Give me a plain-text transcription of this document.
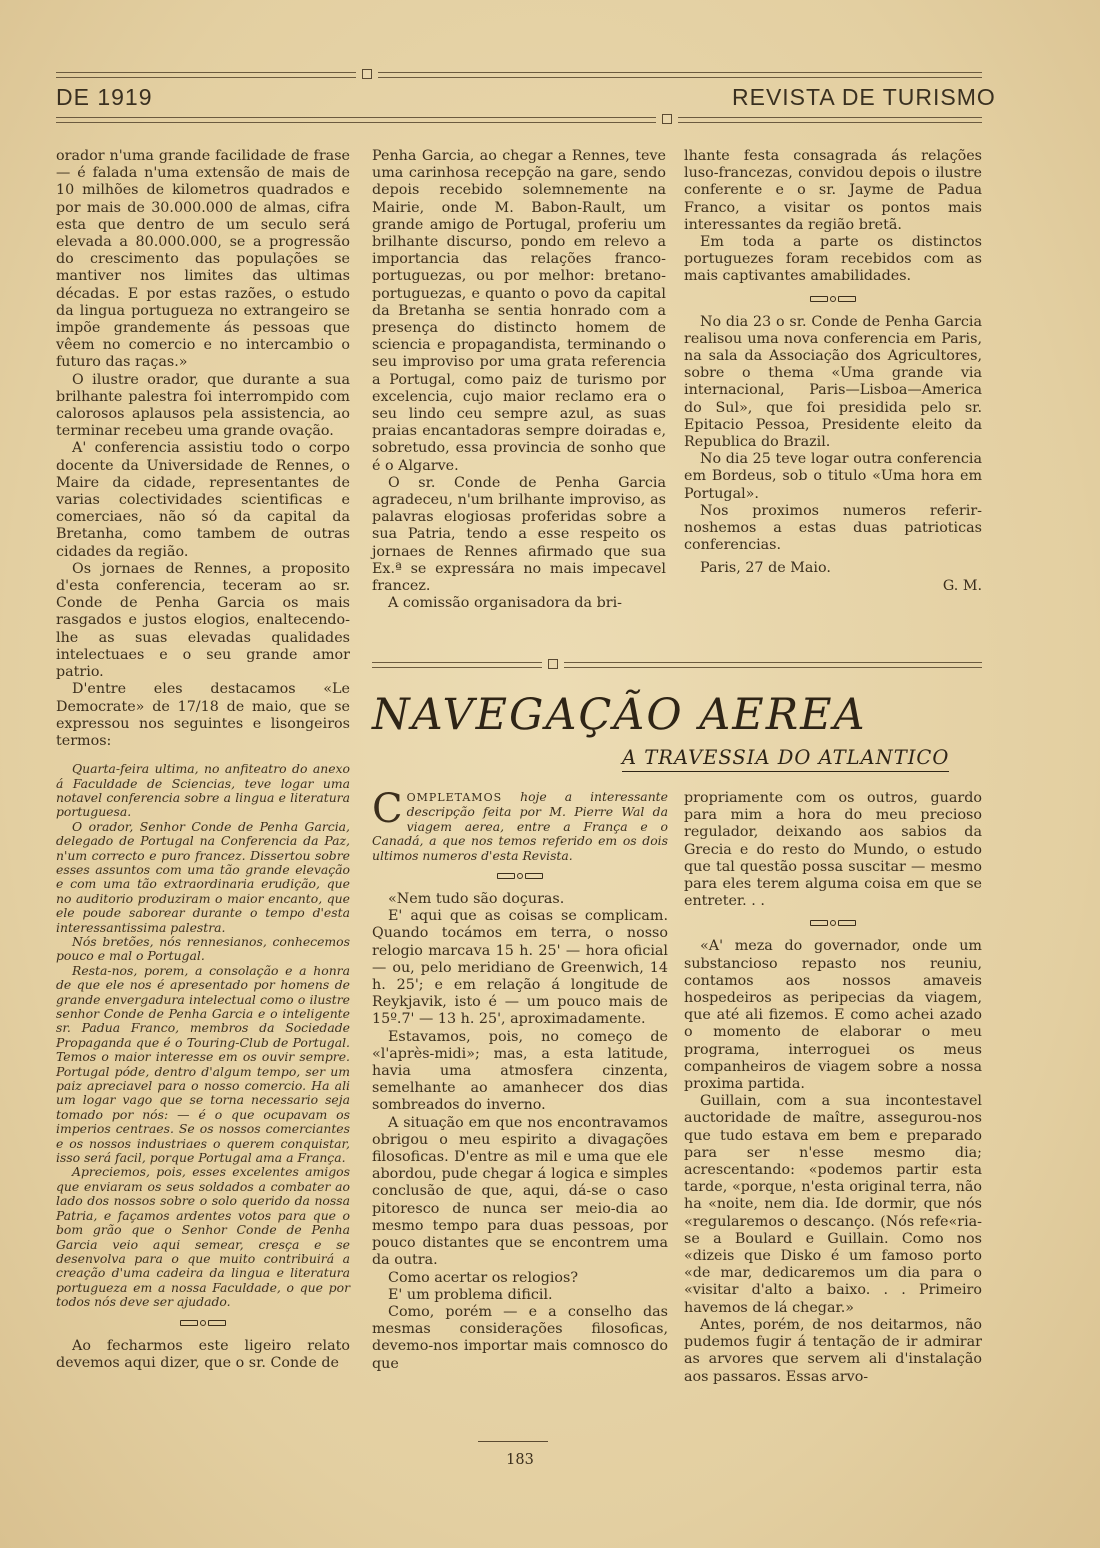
DE 1919	REVISTA DE TURISMO

orador n'uma grande facilidade de frase — é falada n'uma extensão de mais de 10 milhões de kilometros quadrados e por mais de 30.000.000 de almas, cifra esta que dentro de um seculo será elevada a 80.000.000, se a progressão do crescimento das populações se mantiver nos limites das ultimas décadas. E por estas razões, o estudo da lingua portugueza no extrangeiro se impõe grandemente ás pessoas que vêem no comercio e no intercambio o futuro das raças.»

O ilustre orador, que durante a sua brilhante palestra foi interrompido com calorosos aplausos pela assistencia, ao terminar recebeu uma grande ovação.

A' conferencia assistiu todo o corpo docente da Universidade de Rennes, o Maire da cidade, representantes de varias colectividades scientificas e comerciaes, não só da capital da Bretanha, como tambem de outras cidades da região.

Os jornaes de Rennes, a proposito d'esta conferencia, teceram ao sr. Conde de Penha Garcia os mais rasgados e justos elogios, enaltecendo-lhe as suas elevadas qualidades intelectuaes e o seu grande amor patrio.

D'entre eles destacamos «Le Democrate» de 17/18 de maio, que se expressou nos seguintes e lisongeiros termos:

Quarta-feira ultima, no anfiteatro do anexo á Faculdade de Sciencias, teve logar uma notavel conferencia sobre a lingua e literatura portuguesa.

O orador, Senhor Conde de Penha Garcia, delegado de Portugal na Conferencia da Paz, n'um correcto e puro francez. Dissertou sobre esses assuntos com uma tão grande elevação e com uma tão extraordinaria erudição, que no auditorio produziram o maior encanto, que ele poude saborear durante o tempo d'esta interessantissima palestra.

Nós bretões, nós rennesianos, conhecemos pouco e mal o Portugal.

Resta-nos, porem, a consolação e a honra de que ele nos é apresentado por homens de grande envergadura intelectual como o ilustre senhor Conde de Penha Garcia e o inteligente sr. Padua Franco, membros da Sociedade Propaganda que é o Touring-Club de Portugal. Temos o maior interesse em os ouvir sempre. Portugal póde, dentro d'algum tempo, ser um paiz apreciavel para o nosso comercio. Ha ali um logar vago que se torna necessario seja tomado por nós: — é o que ocupavam os imperios centraes. Se os nossos comerciantes e os nossos industriaes o querem conquistar, isso será facil, porque Portugal ama a França.

Apreciemos, pois, esses excelentes amigos que enviaram os seus soldados a combater ao lado dos nossos sobre o solo querido da nossa Patria, e façamos ardentes votos para que o bom grão que o Senhor Conde de Penha Garcia veio aqui semear, cresça e se desenvolva para o que muito contribuirá a creação d'uma cadeira da lingua e literatura portugueza em a nossa Faculdade, o que por todos nós deve ser ajudado.

Ao fecharmos este ligeiro relato devemos aqui dizer, que o sr. Conde de

Penha Garcia, ao chegar a Rennes, teve uma carinhosa recepção na gare, sendo depois recebido solemnemente na Mairie, onde M. Babon-Rault, um grande amigo de Portugal, proferiu um brilhante discurso, pondo em relevo a importancia das relações franco-portuguezas, ou por melhor: bretano-portuguezas, e quanto o povo da capital da Bretanha se sentia honrado com a presença do distincto homem de sciencia e propagandista, terminando o seu improviso por uma grata referencia a Portugal, como paiz de turismo por excelencia, cujo maior reclamo era o seu lindo ceu sempre azul, as suas praias encantadoras sempre doiradas e, sobretudo, essa provincia de sonho que é o Algarve.

O sr. Conde de Penha Garcia agradeceu, n'um brilhante improviso, as palavras elogiosas proferidas sobre a sua Patria, tendo a esse respeito os jornaes de Rennes afirmado que sua Ex.ª se expressára no mais impecavel francez.

A comissão organisadora da bri-

lhante festa consagrada ás relações luso-francezas, convidou depois o ilustre conferente e o sr. Jayme de Padua Franco, a visitar os pontos mais interessantes da região bretã.

Em toda a parte os distinctos portuguezes foram recebidos com as mais captivantes amabilidades.

No dia 23 o sr. Conde de Penha Garcia realisou uma nova conferencia em Paris, na sala da Associação dos Agricultores, sobre o thema «Uma grande via internacional, Paris—Lisboa—America do Sul», que foi presidida pelo sr. Epitacio Pessoa, Presidente eleito da Republica do Brazil.

No dia 25 teve logar outra conferencia em Bordeus, sob o titulo «Uma hora em Portugal».

Nos proximos numeros referir-noshemos a estas duas patrioticas conferencias.

Paris, 27 de Maio.

G. M.

NAVEGAÇÃO AEREA
A TRAVESSIA DO ATLANTICO

COMPLETAMOS hoje a interessante descripção feita por M. Pierre Wal da viagem aerea, entre a França e o Canadá, a que nos temos referido em os dois ultimos numeros d'esta Revista.

«Nem tudo são doçuras.

E' aqui que as coisas se complicam. Quando tocámos em terra, o nosso relogio marcava 15 h. 25' — hora oficial — ou, pelo meridiano de Greenwich, 14 h. 25'; e em relação á longitude de Reykjavik, isto é — um pouco mais de 15º.7' — 13 h. 25', aproximadamente.

Estavamos, pois, no começo de «l'après-midi»; mas, a esta latitude, havia uma atmosfera cinzenta, semelhante ao amanhecer dos dias sombreados do inverno.

A situação em que nos encontravamos obrigou o meu espirito a divagações filosoficas. D'entre as mil e uma que ele abordou, pude chegar á logica e simples conclusão de que, aqui, dá-se o caso pitoresco de nunca ser meio-dia ao mesmo tempo para duas pessoas, por pouco distantes que se encontrem uma da outra.

Como acertar os relogios?

E' um problema dificil.

Como, porém — e a conselho das mesmas considerações filosoficas, devemo-nos importar mais comnosco do que

propriamente com os outros, guardo para mim a hora do meu precioso regulador, deixando aos sabios da Grecia e do resto do Mundo, o estudo que tal questão possa suscitar — mesmo para eles terem alguma coisa em que se entreter. . .

«A' meza do governador, onde um substancioso repasto nos reuniu, contamos aos nossos amaveis hospedeiros as peripecias da viagem, que até ali fizemos. E como achei azado o momento de elaborar o meu programa, interroguei os meus companheiros de viagem sobre a nossa proxima partida.

Guillain, com a sua incontestavel auctoridade de maître, assegurou-nos que tudo estava em bem e preparado para ser n'esse mesmo dia; acrescentando: «podemos partir esta tarde, «porque, n'esta original terra, não ha «noite, nem dia. Ide dormir, que nós «regularemos o descanço. (Nós refe«ria-se a Boulard e Guillain. Como nos «dizeis que Disko é um famoso porto «de mar, dedicaremos um dia para o «visitar d'alto a baixo. . . Primeiro havemos de lá chegar.»

Antes, porém, de nos deitarmos, não pudemos fugir á tentação de ir admirar as arvores que servem ali d'instalação aos passaros. Essas arvo-

183
